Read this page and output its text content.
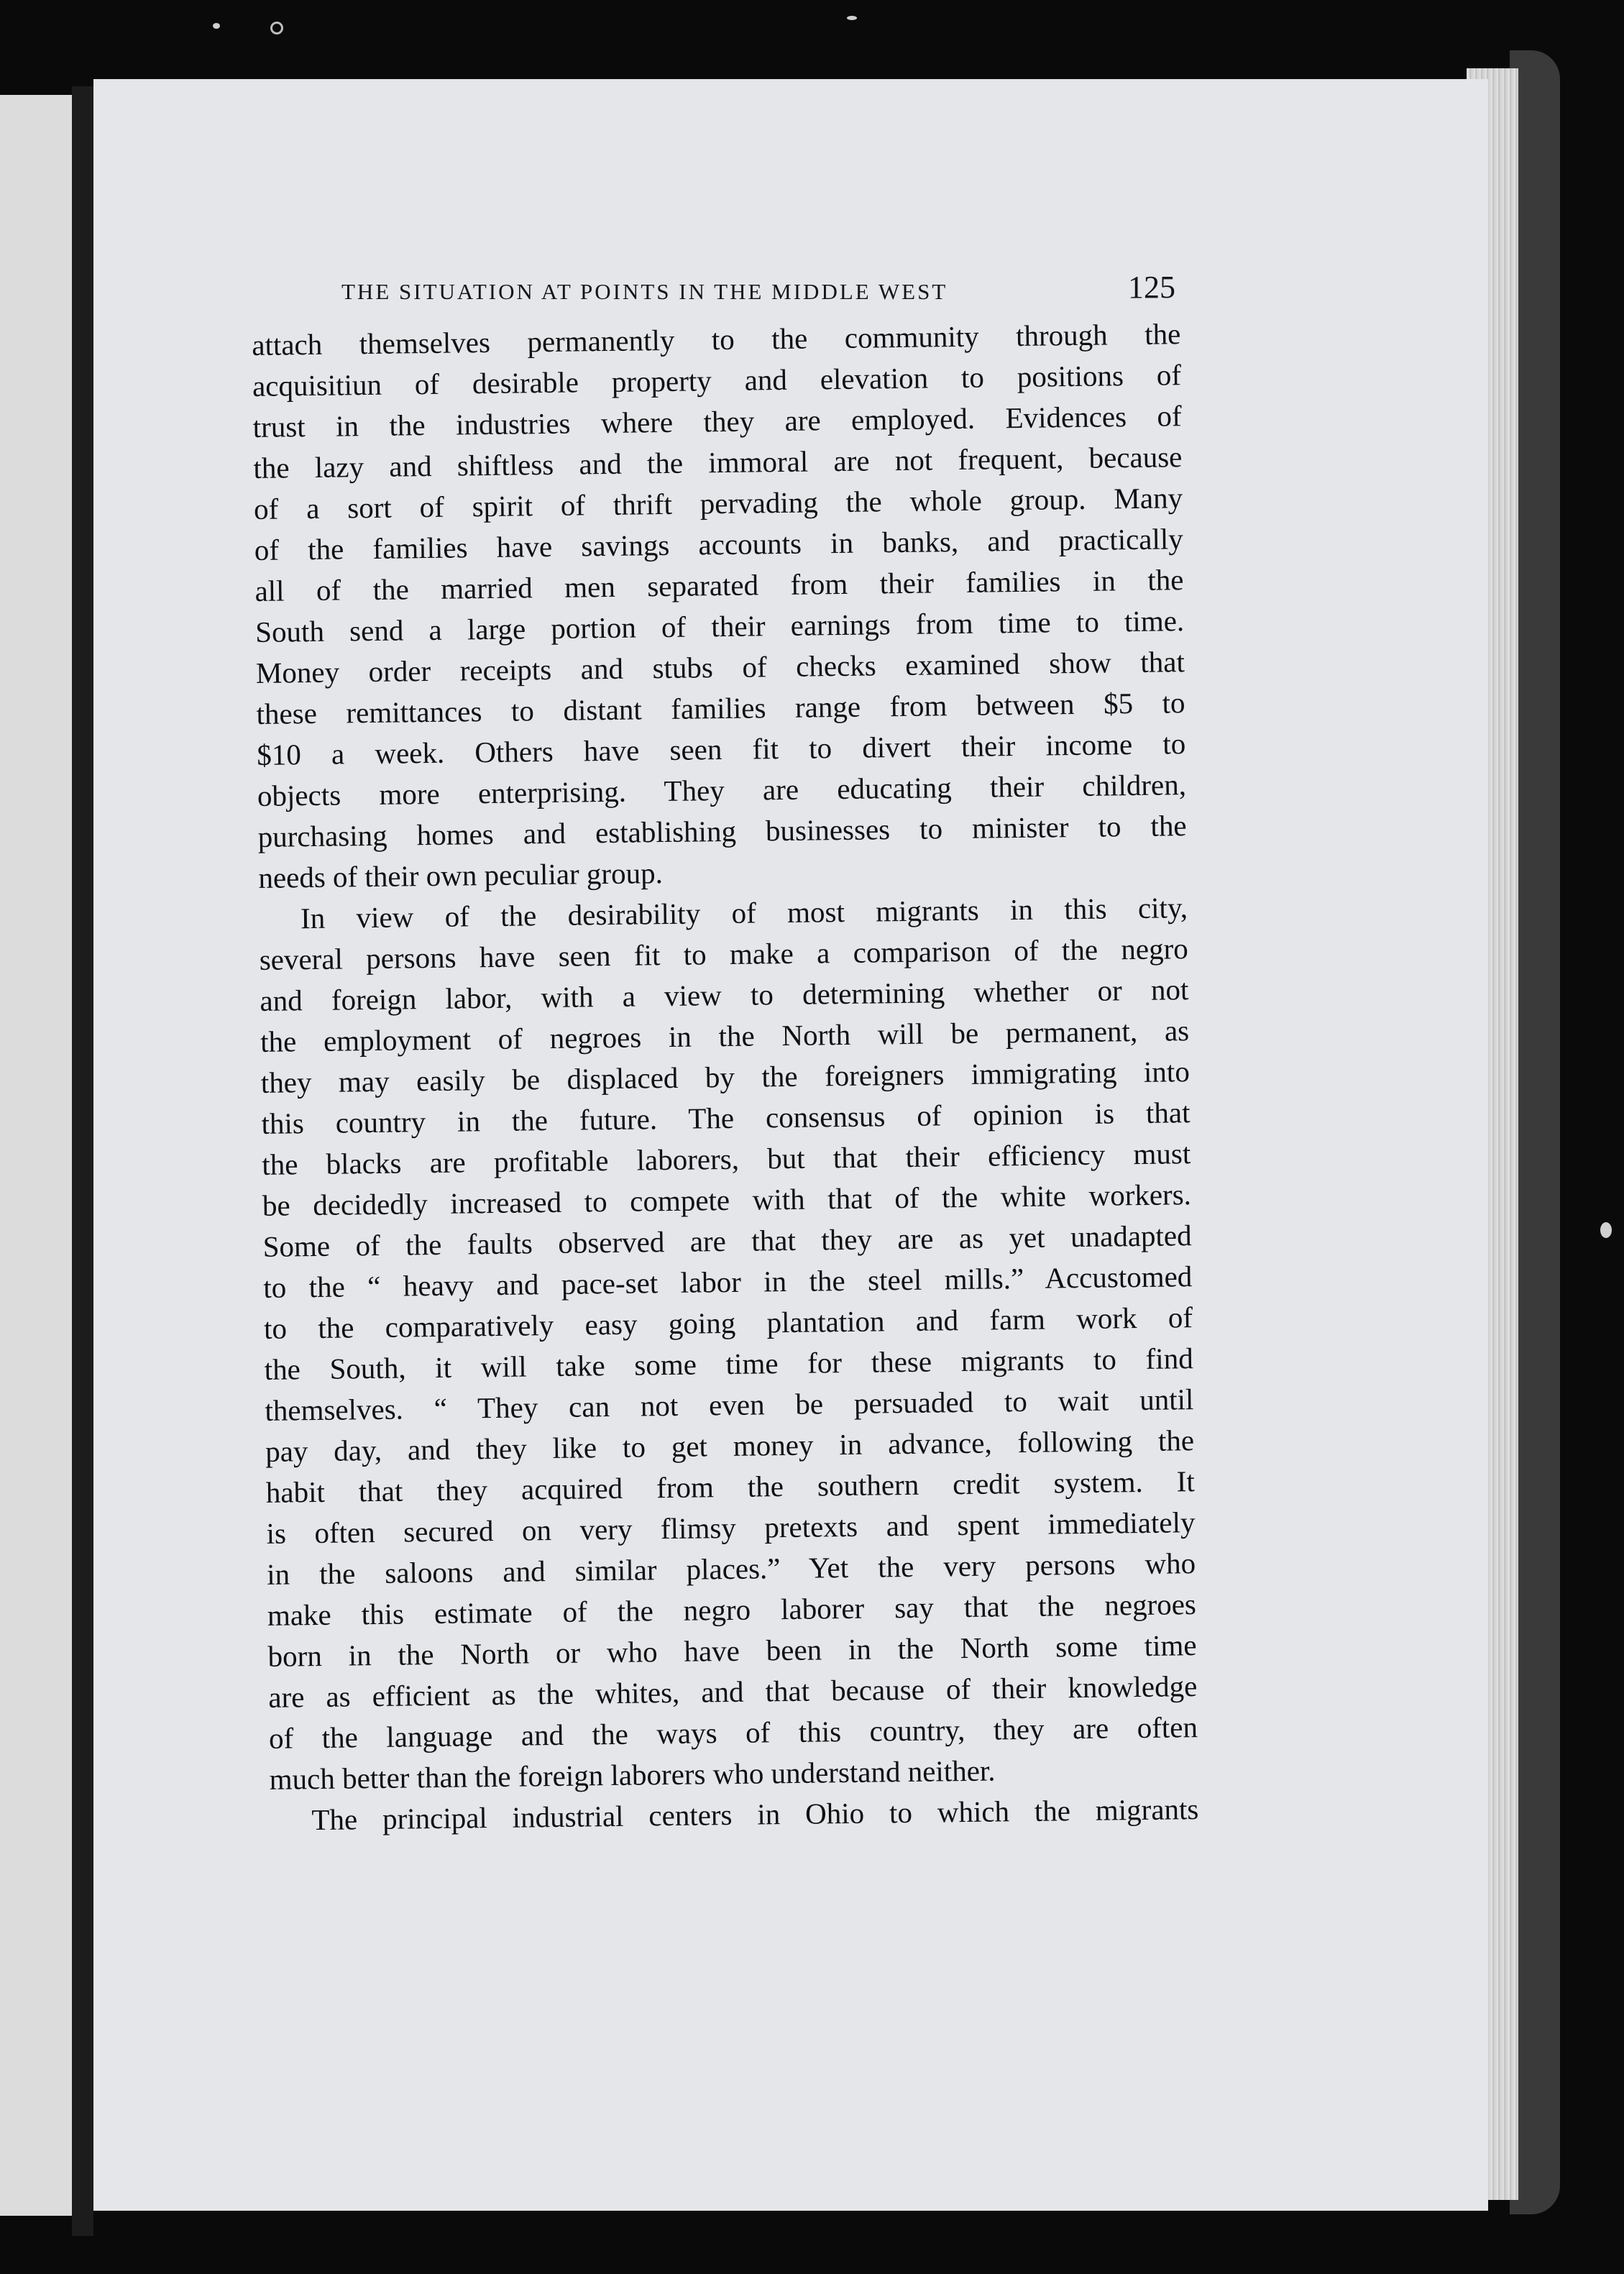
THE SITUATION AT POINTS IN THE MIDDLE WEST	125
attach themselves permanently to the community through the
acquisitiun of desirable property and elevation to positions of
trust in the industries where they are employed. Evidences of
the lazy and shiftless and the immoral are not frequent, because
of a sort of spirit of thrift pervading the whole group. Many
of the families have savings accounts in banks, and practically
all of the married men separated from their families in the
South send a large portion of their earnings from time to time.
Money order receipts and stubs of checks examined show that
these remittances to distant families range from between $5 to
$10 a week. Others have seen fit to divert their income to
objects more enterprising. They are educating their children,
purchasing homes and establishing businesses to minister to the
needs of their own peculiar group.
In view of the desirability of most migrants in this city,
several persons have seen fit to make a comparison of the negro
and foreign labor, with a view to determining whether or not
the employment of negroes in the North will be permanent, as
they may easily be displaced by the foreigners immigrating into
this country in the future. The consensus of opinion is that
the blacks are profitable laborers, but that their efficiency must
be decidedly increased to compete with that of the white workers.
Some of the faults observed are that they are as yet unadapted
to the “ heavy and pace-set labor in the steel mills.” Accustomed
to the comparatively easy going plantation and farm work of
the South, it will take some time for these migrants to find
themselves. “ They can not even be persuaded to wait until
pay day, and they like to get money in advance, following the
habit that they acquired from the southern credit system. It
is often secured on very flimsy pretexts and spent immediately
in the saloons and similar places.” Yet the very persons who
make this estimate of the negro laborer say that the negroes
born in the North or who have been in the North some time
are as efficient as the whites, and that because of their knowledge
of the language and the ways of this country, they are often
much better than the foreign laborers who understand neither.
The principal industrial centers in Ohio to which the migrants
